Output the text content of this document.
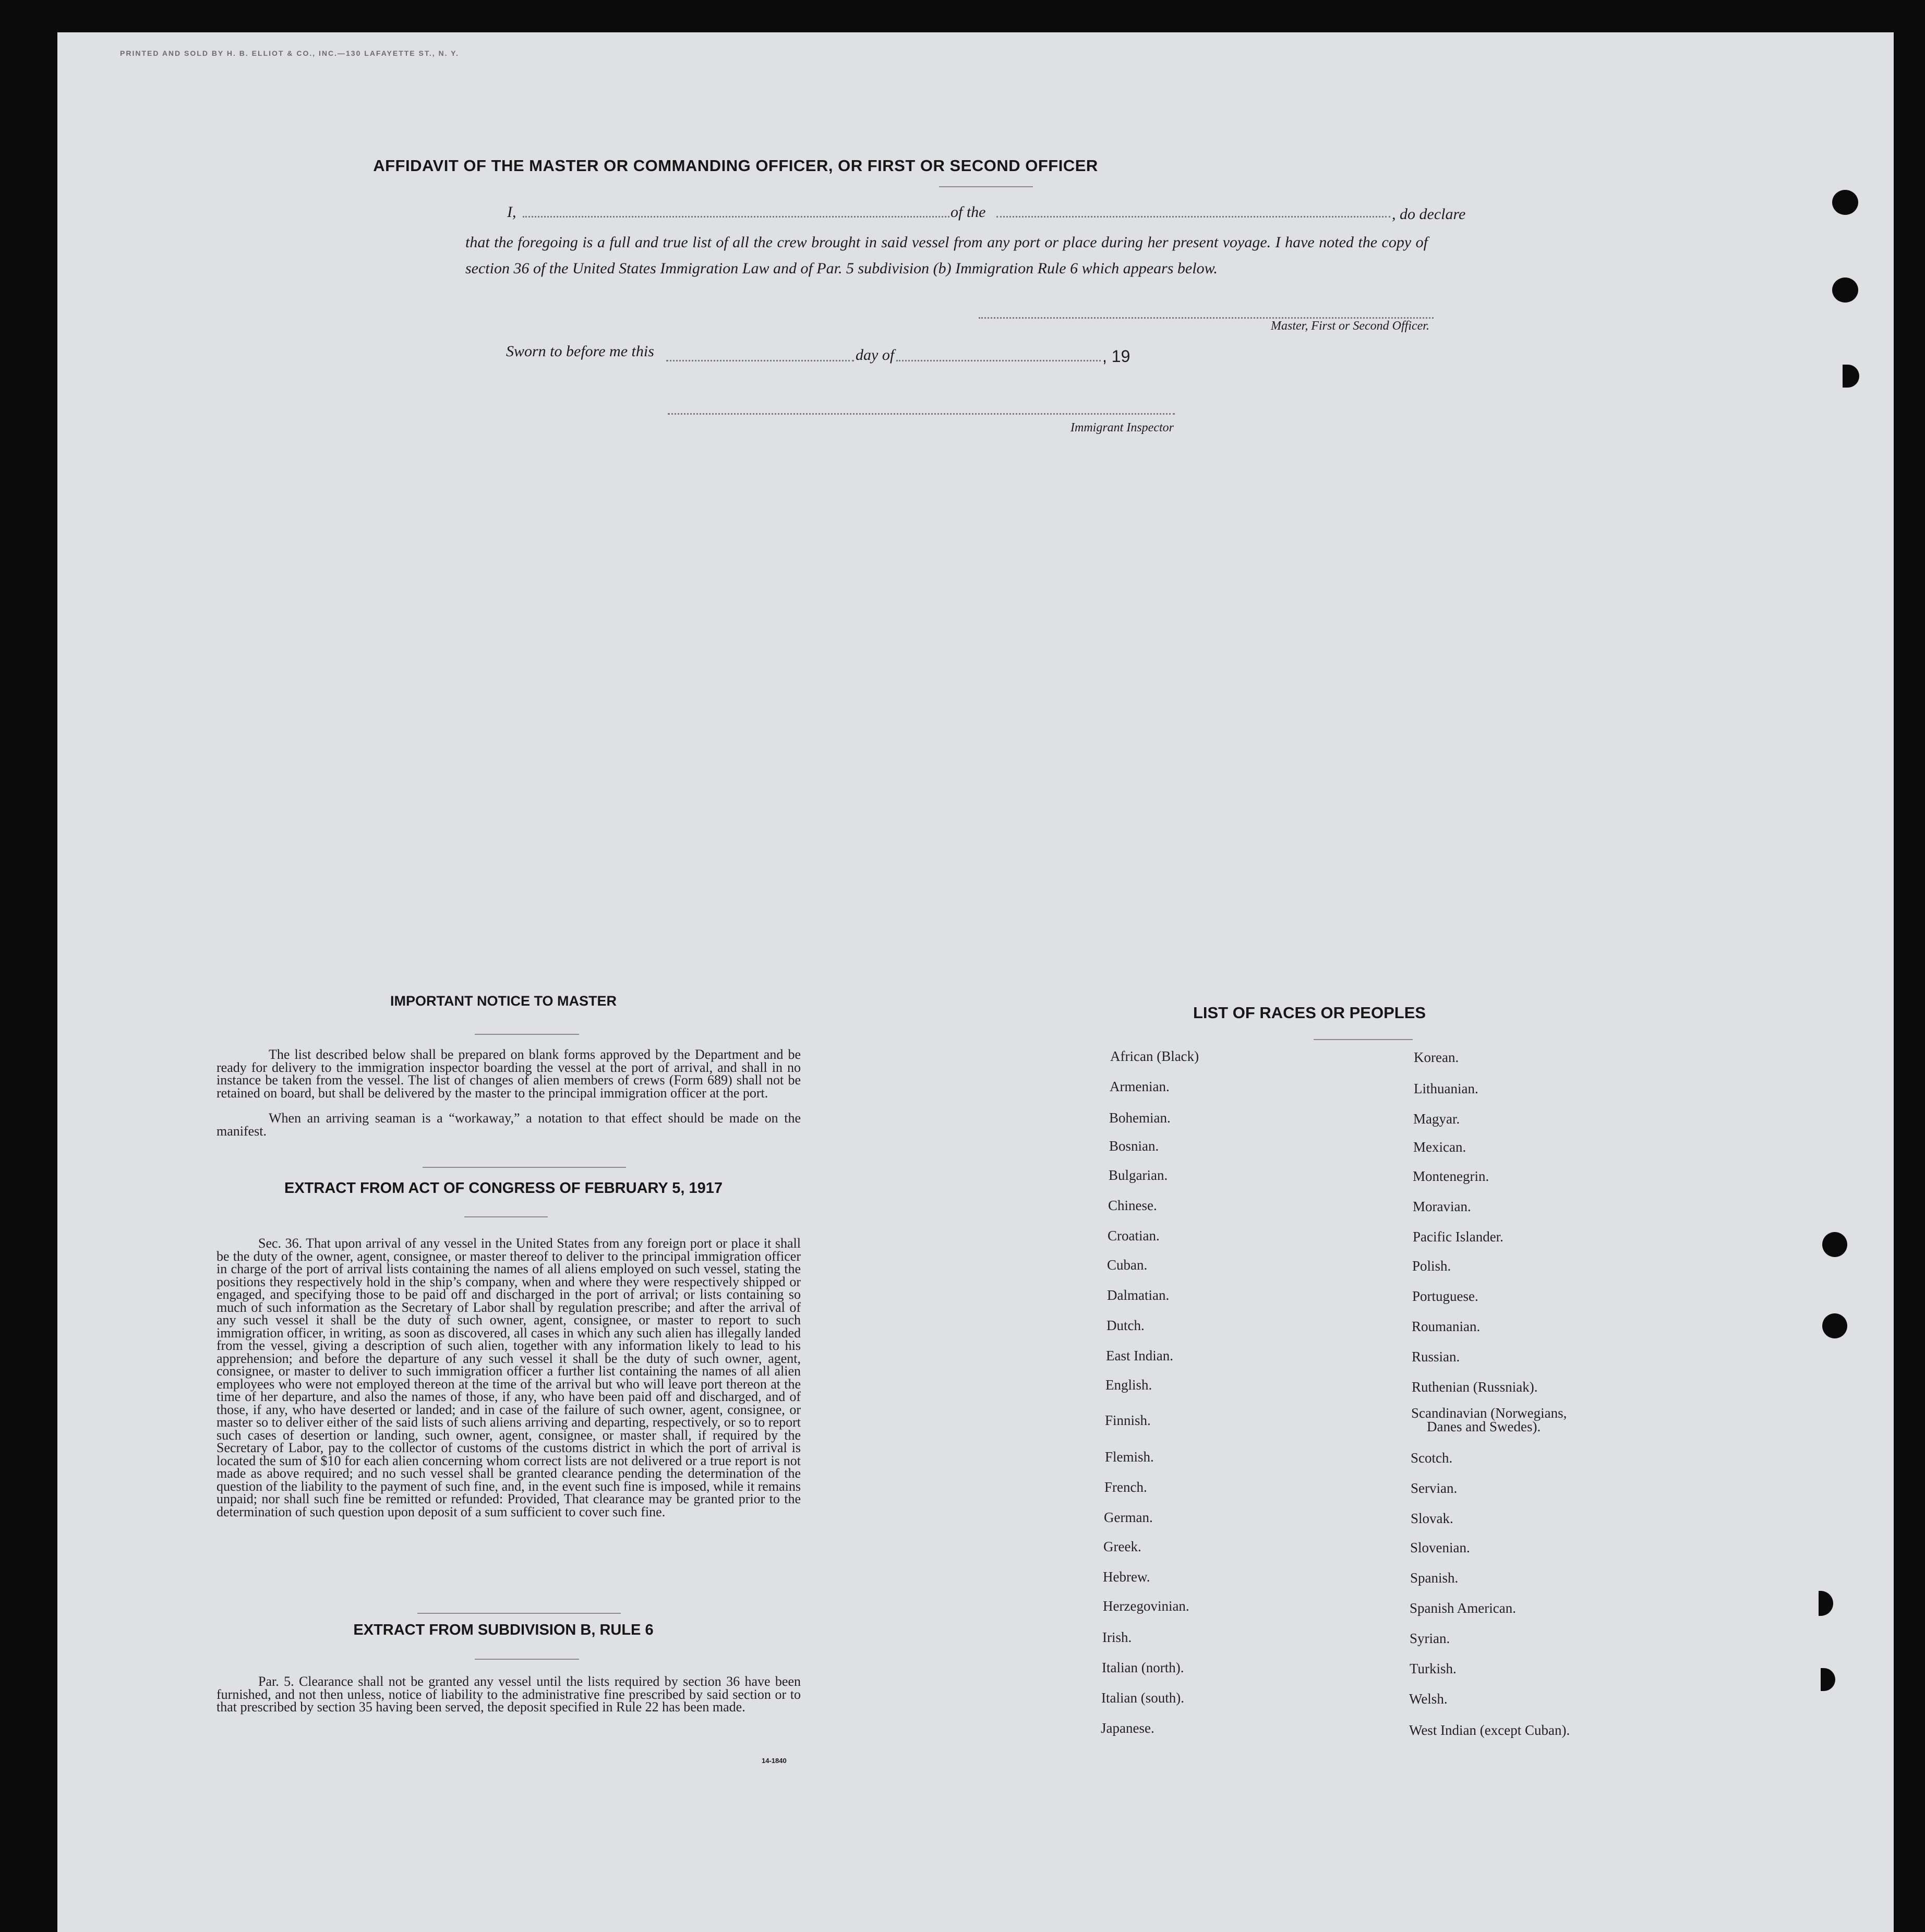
PRINTED AND SOLD BY H. B. ELLIOT & CO., INC.—130 LAFAYETTE ST., N. Y.
AFFIDAVIT OF THE MASTER OR COMMANDING OFFICER, OR FIRST OR SECOND OFFICER
I,	of the	, do declare
that the foregoing is a full and true list of all the crew brought in said vessel from any port or place during her present voyage. I have noted the copy of section 36 of the United States Immigration Law and of Par. 5 subdivision (b) Immigration Rule 6 which appears below.
Master, First or Second Officer.
Sworn to before me this	day of	, 19
Immigrant Inspector
IMPORTANT NOTICE TO MASTER
The list described below shall be prepared on blank forms approved by the Department and be ready for delivery to the immigration inspector boarding the vessel at the port of arrival, and shall in no instance be taken from the vessel. The list of changes of alien members of crews (Form 689) shall not be retained on board, but shall be delivered by the master to the principal immigration officer at the port.
When an arriving seaman is a “workaway,” a notation to that effect should be made on the manifest.
EXTRACT FROM ACT OF CONGRESS OF FEBRUARY 5, 1917
Sec. 36. That upon arrival of any vessel in the United States from any foreign port or place it shall be the duty of the owner, agent, consignee, or master thereof to deliver to the principal immigration officer in charge of the port of arrival lists containing the names of all aliens employed on such vessel, stating the positions they respectively hold in the ship’s company, when and where they were respectively shipped or engaged, and specifying those to be paid off and discharged in the port of arrival; or lists containing so much of such information as the Secretary of Labor shall by regulation prescribe; and after the arrival of any such vessel it shall be the duty of such owner, agent, consignee, or master to report to such immigration officer, in writing, as soon as discovered, all cases in which any such alien has illegally landed from the vessel, giving a description of such alien, together with any information likely to lead to his apprehension; and before the departure of any such vessel it shall be the duty of such owner, agent, consignee, or master to deliver to such immigration officer a further list containing the names of all alien employees who were not employed thereon at the time of the arrival but who will leave port thereon at the time of her departure, and also the names of those, if any, who have been paid off and discharged, and of those, if any, who have deserted or landed; and in case of the failure of such owner, agent, consignee, or master so to deliver either of the said lists of such aliens arriving and departing, respectively, or so to report such cases of desertion or landing, such owner, agent, consignee, or master shall, if required by the Secretary of Labor, pay to the collector of customs of the customs district in which the port of arrival is located the sum of $10 for each alien concerning whom correct lists are not delivered or a true report is not made as above required; and no such vessel shall be granted clearance pending the determination of the question of the liability to the payment of such fine, and, in the event such fine is imposed, while it remains unpaid; nor shall such fine be remitted or refunded: Provided, That clearance may be granted prior to the determination of such question upon deposit of a sum sufficient to cover such fine.
EXTRACT FROM SUBDIVISION B, RULE 6
Par. 5. Clearance shall not be granted any vessel until the lists required by section 36 have been furnished, and not then unless, notice of liability to the administrative fine prescribed by said section or to that prescribed by section 35 having been served, the deposit specified in Rule 22 has been made.
14-1840
LIST OF RACES OR PEOPLES
African (Black)
Armenian.
Bohemian.
Bosnian.
Bulgarian.
Chinese.
Croatian.
Cuban.
Dalmatian.
Dutch.
East Indian.
English.
Finnish.
Flemish.
French.
German.
Greek.
Hebrew.
Herzegovinian.
Irish.
Italian (north).
Italian (south).
Japanese.
Korean.
Lithuanian.
Magyar.
Mexican.
Montenegrin.
Moravian.
Pacific Islander.
Polish.
Portuguese.
Roumanian.
Russian.
Ruthenian (Russniak).
Scandinavian (Norwegians,
Danes and Swedes).
Scotch.
Servian.
Slovak.
Slovenian.
Spanish.
Spanish American.
Syrian.
Turkish.
Welsh.
West Indian (except Cuban).
